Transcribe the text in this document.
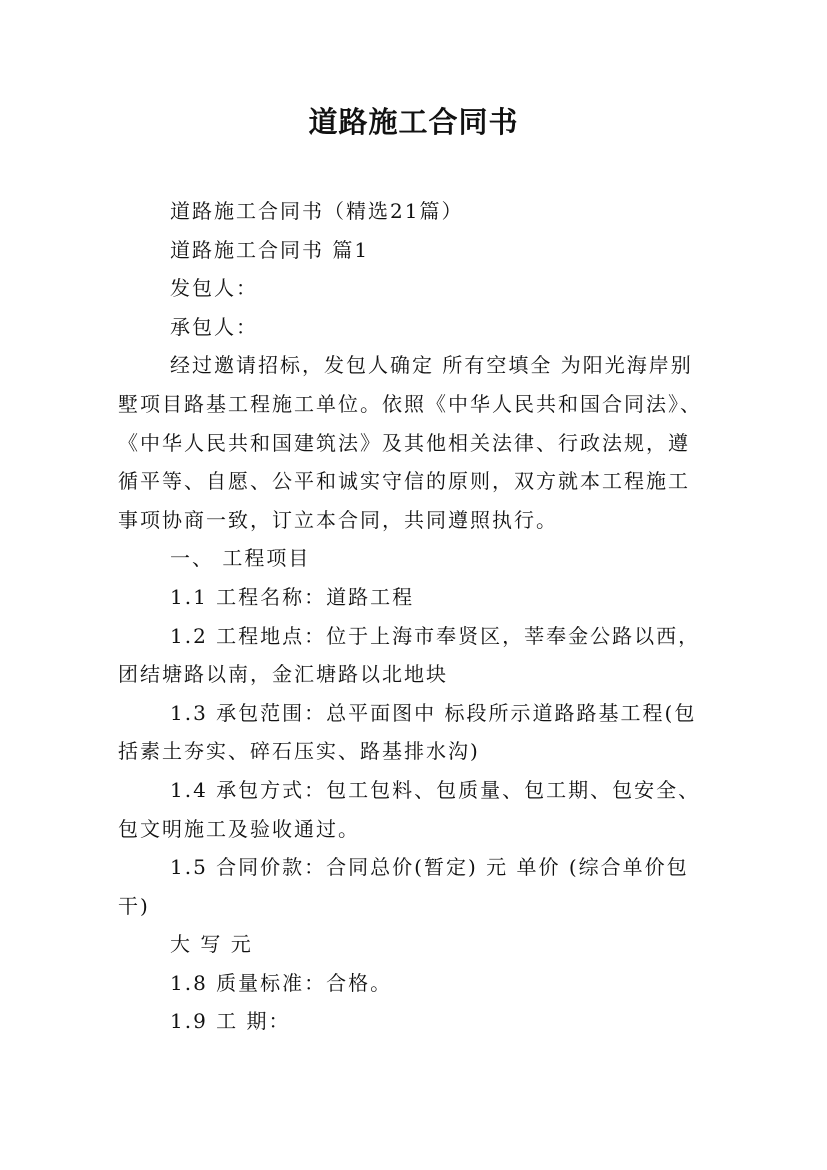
道路施工合同书
道路施工合同书（精选21篇）
道路施工合同书 篇1
发包人：
承包人：
经过邀请招标，发包人确定 所有空填全 为阳光海岸别
墅项目路基工程施工单位。依照《中华人民共和国合同法》、
《中华人民共和国建筑法》及其他相关法律、行政法规，遵
循平等、自愿、公平和诚实守信的原则，双方就本工程施工
事项协商一致，订立本合同，共同遵照执行。
一、 工程项目
1.1 工程名称：道路工程
1.2 工程地点：位于上海市奉贤区，莘奉金公路以西，
团结塘路以南，金汇塘路以北地块
1.3 承包范围：总平面图中 标段所示道路路基工程(包
括素土夯实、碎石压实、路基排水沟)
1.4 承包方式：包工包料、包质量、包工期、包安全、
包文明施工及验收通过。
1.5 合同价款：合同总价(暂定) 元 单价 (综合单价包
干)
大 写 元
1.8 质量标准：合格。
1.9 工 期：
